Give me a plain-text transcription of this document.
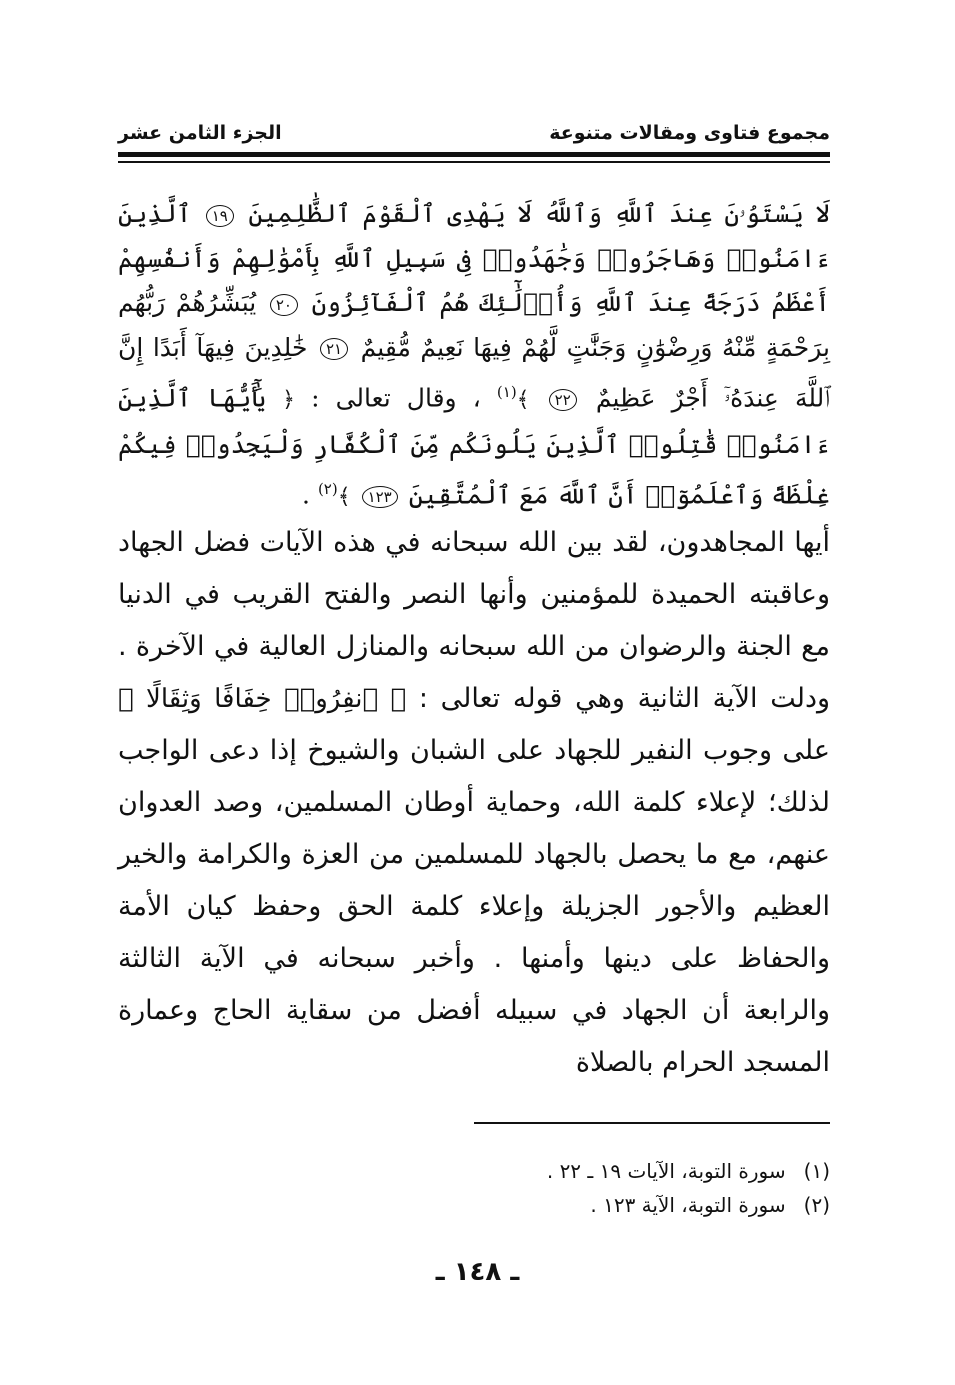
مجموع فتاوى ومقالات متنوعة
الجزء الثامن عشر
لَا يَسْتَوُۥنَ عِندَ ٱللَّهِ وَٱللَّهُ لَا يَهْدِى ٱلْقَوْمَ ٱلظَّٰلِمِينَ ١٩ ٱلَّذِينَ ءَامَنُوا۟ وَهَاجَرُوا۟ وَجَٰهَدُوا۟ فِى سَبِيلِ ٱللَّهِ بِأَمْوَٰلِهِمْ وَأَنفُسِهِمْ أَعْظَمُ دَرَجَةً عِندَ ٱللَّهِ وَأُو۟لَٰٓئِكَ هُمُ ٱلْفَآئِزُونَ ٢٠ يُبَشِّرُهُمْ رَبُّهُم بِرَحْمَةٍ مِّنْهُ وَرِضْوَٰنٍ وَجَنَّٰتٍ لَّهُمْ فِيهَا نَعِيمٌ مُّقِيمٌ ٢١ خَٰلِدِينَ فِيهَآ أَبَدًا إِنَّ ٱللَّهَ عِندَهُۥٓ أَجْرٌ عَظِيمٌ ٢٢ ﴾$^{(١)}$ ، وقال تعالى : ﴿ يَٰٓأَيُّهَا ٱلَّذِينَ ءَامَنُوا۟ قَٰتِلُوا۟ ٱلَّذِينَ يَلُونَكُم مِّنَ ٱلْكُفَّارِ وَلْيَجِدُوا۟ فِيكُمْ غِلْظَةً وَٱعْلَمُوٓا۟ أَنَّ ٱللَّهَ مَعَ ٱلْمُتَّقِينَ ١٢٣ ﴾$^{(٢)}$ .
أيها المجاهدون، لقد بين الله سبحانه في هذه الآيات فضل الجهاد وعاقبته الحميدة للمؤمنين وأنها النصر والفتح القريب في الدنيا مع الجنة والرضوان من الله سبحانه والمنازل العالية في الآخرة . ودلت الآية الثانية وهي قوله تعالى : ﴿ ٱنفِرُوا۟ خِفَافًا وَثِقَالًا ﴾ على وجوب النفير للجهاد على الشبان والشيوخ إذا دعى الواجب لذلك؛ لإعلاء كلمة الله، وحماية أوطان المسلمين، وصد العدوان عنهم، مع ما يحصل بالجهاد للمسلمين من العزة والكرامة والخير العظيم والأجور الجزيلة وإعلاء كلمة الحق وحفظ كيان الأمة والحفاظ على دينها وأمنها . وأخبر سبحانه في الآية الثالثة والرابعة أن الجهاد في سبيله أفضل من سقاية الحاج وعمارة المسجد الحرام بالصلاة
(١)سورة التوبة، الآيات ١٩ ـ ٢٢ .
(٢)سورة التوبة، الآية ١٢٣ .
ـ ١٤٨ ـ
